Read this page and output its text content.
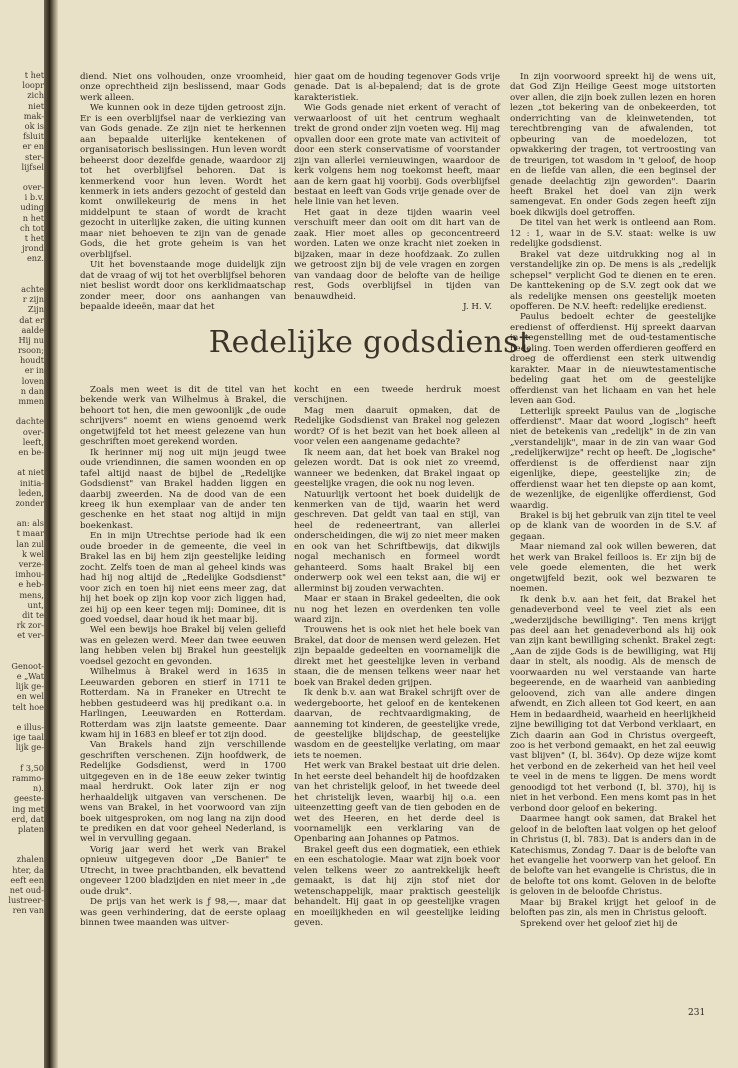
t het
loopr
zich
niet
mak-
ok is
fsluit
er en
ster-
lijfsel
over-
i b.v.
uding
n het
ch tot
t het
jrond
enz.
achte
r zijn
Zijn
dat er
aalde
Hij nu
rsoon;
houdt
er in
loven
n dan
mmen
dachte
over-
leeft,
en be-
at niet
initia-
leden,
zonder
an: als
t maar
lan zul
k wel
verze-
imhou-
e heb-
mens,
unt,
dit te
rk zor-
et ver-
Genoot-
e „Wat
lijk ge-
en wel
telt hoe
e illus-
ige taal
lijk ge-
f 3,50
rammo-
n).
geeste-
ing met
erd, dat
platen
zhalen
hter, da
eeft een
net oud-
lustreer-
ren van

diend. Niet ons volhouden, onze vroomheid, onze oprechtheid zijn beslissend, maar Gods werk alleen.

We kunnen ook in deze tijden getroost zijn. Er is een overblijfsel naar de verkiezing van van Gods genade. Ze zijn niet te herkennen aan bepaalde uiterlijke kentekenen of organisatorisch beslissingen. Hun leven wordt beheerst door dezelfde genade, waardoor zij tot het overblijfsel behoren. Dat is kenmerkend voor hun leven. Wordt het kenmerk in iets anders gezocht of gesteld dan komt onwillekeurig de mens in het middelpunt te staan of wordt de kracht gezocht in uiterlijke zaken, die uiting kunnen maar niet behoeven te zijn van de genade Gods, die het grote geheim is van het overblijfsel.

Uit het bovenstaande moge duidelijk zijn dat de vraag of wij tot het overblijfsel behoren niet beslist wordt door ons kerklidmaatschap zonder meer, door ons aanhangen van bepaalde ideeën, maar dat het

hier gaat om de houding tegenover Gods vrije genade. Dat is al-bepalend; dat is de grote karakteristiek.

Wie Gods genade niet erkent of veracht of verwaarloost of uit het centrum weghaalt trekt de grond onder zijn voeten weg. Hij mag opvallen door een grote mate van activiteit of door een sterk conservatisme of voorstander zijn van allerlei vernieuwingen, waardoor de kerk volgens hem nog toekomst heeft, maar aan de kern gaat hij voorbij. Gods overblijfsel bestaat en leeft van Gods vrije genade over de hele linie van het leven.

Het gaat in deze tijden waarin veel verschuift meer dan ooit om dit hart van de zaak. Hier moet alles op geconcentreerd worden. Laten we onze kracht niet zoeken in bijzaken, maar in deze hoofdzaak. Zo zullen we getroost zijn bij de vele vragen en zorgen van vandaag door de belofte van de heilige rest, Gods overblijfsel in tijden van benauwdheid.

J. H. V.
Redelijke godsdienst

Zoals men weet is dit de titel van het bekende werk van Wilhelmus à Brakel, die behoort tot hen, die men gewoonlijk „de oude schrijvers" noemt en wiens genoemd werk ongetwijfeld tot het meest gelezene van hun geschriften moet gerekend worden.

Ik herinner mij nog uit mijn jeugd twee oude vriendinnen, die samen woonden en op tafel altijd naast de bijbel de „Redelijke Godsdienst" van Brakel hadden liggen en daarbij zweerden. Na de dood van de een kreeg ik hun exemplaar van de ander ten geschenke en het staat nog altijd in mijn boekenkast.

En in mijn Utrechtse periode had ik een oude broeder in de gemeente, die veel in Brakel las en bij hem zijn geestelijke leiding zocht. Zelfs toen de man al geheel kinds was had hij nog altijd de „Redelijke Godsdienst" voor zich en toen hij niet eens meer zag, dat hij het boek op zijn kop voor zich liggen had, zei hij op een keer tegen mij: Dominee, dit is goed voedsel, daar houd ik het maar bij.

Wel een bewijs hoe Brakel bij velen geliefd was en gelezen werd. Meer dan twee eeuwen lang hebben velen bij Brakel hun geestelijk voedsel gezocht en gevonden.

Wilhelmus à Brakel werd in 1635 in Leeuwarden geboren en stierf in 1711 te Rotterdam. Na in Franeker en Utrecht te hebben gestudeerd was hij predikant o.a. in Harlingen, Leeuwarden en Rotterdam. Rotterdam was zijn laatste gemeente. Daar kwam hij in 1683 en bleef er tot zijn dood.

Van Brakels hand zijn verschillende geschriften verschenen. Zijn hoofdwerk, de Redelijke Godsdienst, werd in 1700 uitgegeven en in de 18e eeuw zeker twintig maal herdrukt. Ook later zijn er nog herhaaldelijk uitgaven van verschenen. De wens van Brakel, in het voorwoord van zijn boek uitgesproken, om nog lang na zijn dood te prediken en dat voor geheel Nederland, is wel in vervulling gegaan.

Vorig jaar werd het werk van Brakel opnieuw uitgegeven door „De Banier" te Utrecht, in twee prachtbanden, elk bevattend ongeveer 1200 bladzijden en niet meer in „de oude druk".

De prijs van het werk is ƒ 98,—, maar dat was geen verhindering, dat de eerste oplaag binnen twee maanden was uitver-

kocht en een tweede herdruk moest verschijnen.

Mag men daaruit opmaken, dat de Redelijke Godsdienst van Brakel nog gelezen wordt? Of is het bezit van het boek alleen al voor velen een aangename gedachte?

Ik neem aan, dat het boek van Brakel nog gelezen wordt. Dat is ook niet zo vreemd, wanneer we bedenken, dat Brakel ingaat op geestelijke vragen, die ook nu nog leven.

Natuurlijk vertoont het boek duidelijk de kenmerken van de tijd, waarin het werd geschreven. Dat geldt van taal en stijl, van heel de redeneertrant, van allerlei onderscheidingen, die wij zo niet meer maken en ook van het Schriftbewijs, dat dikwijls nogal mechanisch en formeel wordt gehanteerd. Soms haalt Brakel bij een onderwerp ook wel een tekst aan, die wij er allerminst bij zouden verwachten.

Maar er staan in Brakel gedeelten, die ook nu nog het lezen en overdenken ten volle waard zijn.

Trouwens het is ook niet het hele boek van Brakel, dat door de mensen werd gelezen. Het zijn bepaalde gedeelten en voornamelijk die direkt met het geestelijke leven in verband staan, die de mensen telkens weer naar het boek van Brakel deden grijpen.

Ik denk b.v. aan wat Brakel schrijft over de wedergeboorte, het geloof en de kentekenen daarvan, de rechtvaardigmaking, de aanneming tot kinderen, de geestelijke vrede, de geestelijke blijdschap, de geestelijke wasdom en de geestelijke verlating, om maar iets te noemen.

Het werk van Brakel bestaat uit drie delen. In het eerste deel behandelt hij de hoofdzaken van het christelijk geloof, in het tweede deel het christelijk leven, waarbij hij o.a. een uiteenzetting geeft van de tien geboden en de wet des Heeren, en het derde deel is voornamelijk een verklaring van de Openbaring aan Johannes op Patmos.

Brakel geeft dus een dogmatiek, een ethiek en een eschatologie. Maar wat zijn boek voor velen telkens weer zo aantrekkelijk heeft gemaakt, is dat hij zijn stof niet dor wetenschappelijk, maar praktisch geestelijk behandelt. Hij gaat in op geestelijke vragen en moeilijkheden en wil geestelijke leiding geven.

In zijn voorwoord spreekt hij de wens uit, dat God Zijn Heilige Geest moge uitstorten over allen, die zijn boek zullen lezen en horen lezen „tot bekering van de onbekeerden, tot onderrichting van de kleinwetenden, tot terechtbrenging van de afwalenden, tot opbeuring van de moedelozen, tot opwakkering der tragen, tot vertroosting van de treurigen, tot wasdom in 't geloof, de hoop en de liefde van allen, die een beginsel der genade deelachtig zijn geworden". Daarin heeft Brakel het doel van zijn werk samengevat. En onder Gods zegen heeft zijn boek dikwijls doel getroffen.

De titel van het werk is ontleend aan Rom. 12 : 1, waar in de S.V. staat: welke is uw redelijke godsdienst.

Brakel vat deze uitdrukking nog al in verstandelijke zin op. De mens is als „redelijk schepsel" verplicht God te dienen en te eren. De kanttekening op de S.V. zegt ook dat we als redelijke mensen ons geestelijk moeten opofferen. De N.V. heeft: redelijke eredienst.

Paulus bedoelt echter de geestelijke eredienst of offerdienst. Hij spreekt daarvan in tegenstelling met de oud-testamentische bedeling. Toen werden offerdieren geofferd en droeg de offerdienst een sterk uitwendig karakter. Maar in de nieuwtestamentische bedeling gaat het om de geestelijke offerdienst van het lichaam en van het hele leven aan God.

Letterlijk spreekt Paulus van de „logische offerdienst". Maar dat woord „logisch" heeft niet de betekenis van „redelijk" in de zin van „verstandelijk", maar in de zin van waar God „redelijkerwijze" recht op heeft. De „logische" offerdienst is de offerdienst naar zijn eigenlijke, diepe, geestelijke zin; de offerdienst waar het ten diepste op aan komt, de wezenlijke, de eigenlijke offerdienst, God waardig.

Brakel is bij het gebruik van zijn titel te veel op de klank van de woorden in de S.V. af gegaan.

Maar niemand zal ook willen beweren, dat het werk van Brakel feilloos is. Er zijn bij de vele goede elementen, die het werk ongetwijfeld bezit, ook wel bezwaren te noemen.

Ik denk b.v. aan het feit, dat Brakel het genadeverbond veel te veel ziet als een „wederzijdsche bewilliging". Ten mens krijgt pas deel aan het genadeverbond als hij ook van zijn kant bewilliging schenkt. Brakel zegt: „Aan de zijde Gods is de bewilliging, wat Hij daar in stelt, als noodig. Als de mensch de voorwaarden nu wel verstaande van harte begeerende, en de waarheid van aanbieding geloovend, zich van alle andere dingen afwendt, en Zich alleen tot God keert, en aan Hem in bedaardheid, waarheid en heerlijkheid zijne bewilliging tot dat Verbond verklaart, en Zich daarin aan God in Christus overgeeft, zoo is het verbond gemaakt, en het zal eeuwig vast blijven" (I, bl. 364v). Op deze wijze komt het verbond en de zekerheid van het heil veel te veel in de mens te liggen. De mens wordt genoodigd tot het verbond (I, bl. 370), hij is niet in het verbond. Een mens komt pas in het verbond door geloof en bekering.

Daarmee hangt ook samen, dat Brakel het geloof in de beloften laat volgen op het geloof in Christus (I, bl. 783). Dat is anders dan in de Katechismus, Zondag 7. Daar is de belofte van het evangelie het voorwerp van het geloof. En de belofte van het evangelie is Christus, die in de belofte tot ons komt. Geloven in de belofte is geloven in de beloofde Christus.

Maar bij Brakel krijgt het geloof in de beloften pas zin, als men in Christus gelooft.

Sprekend over het geloof ziet hij de

231
